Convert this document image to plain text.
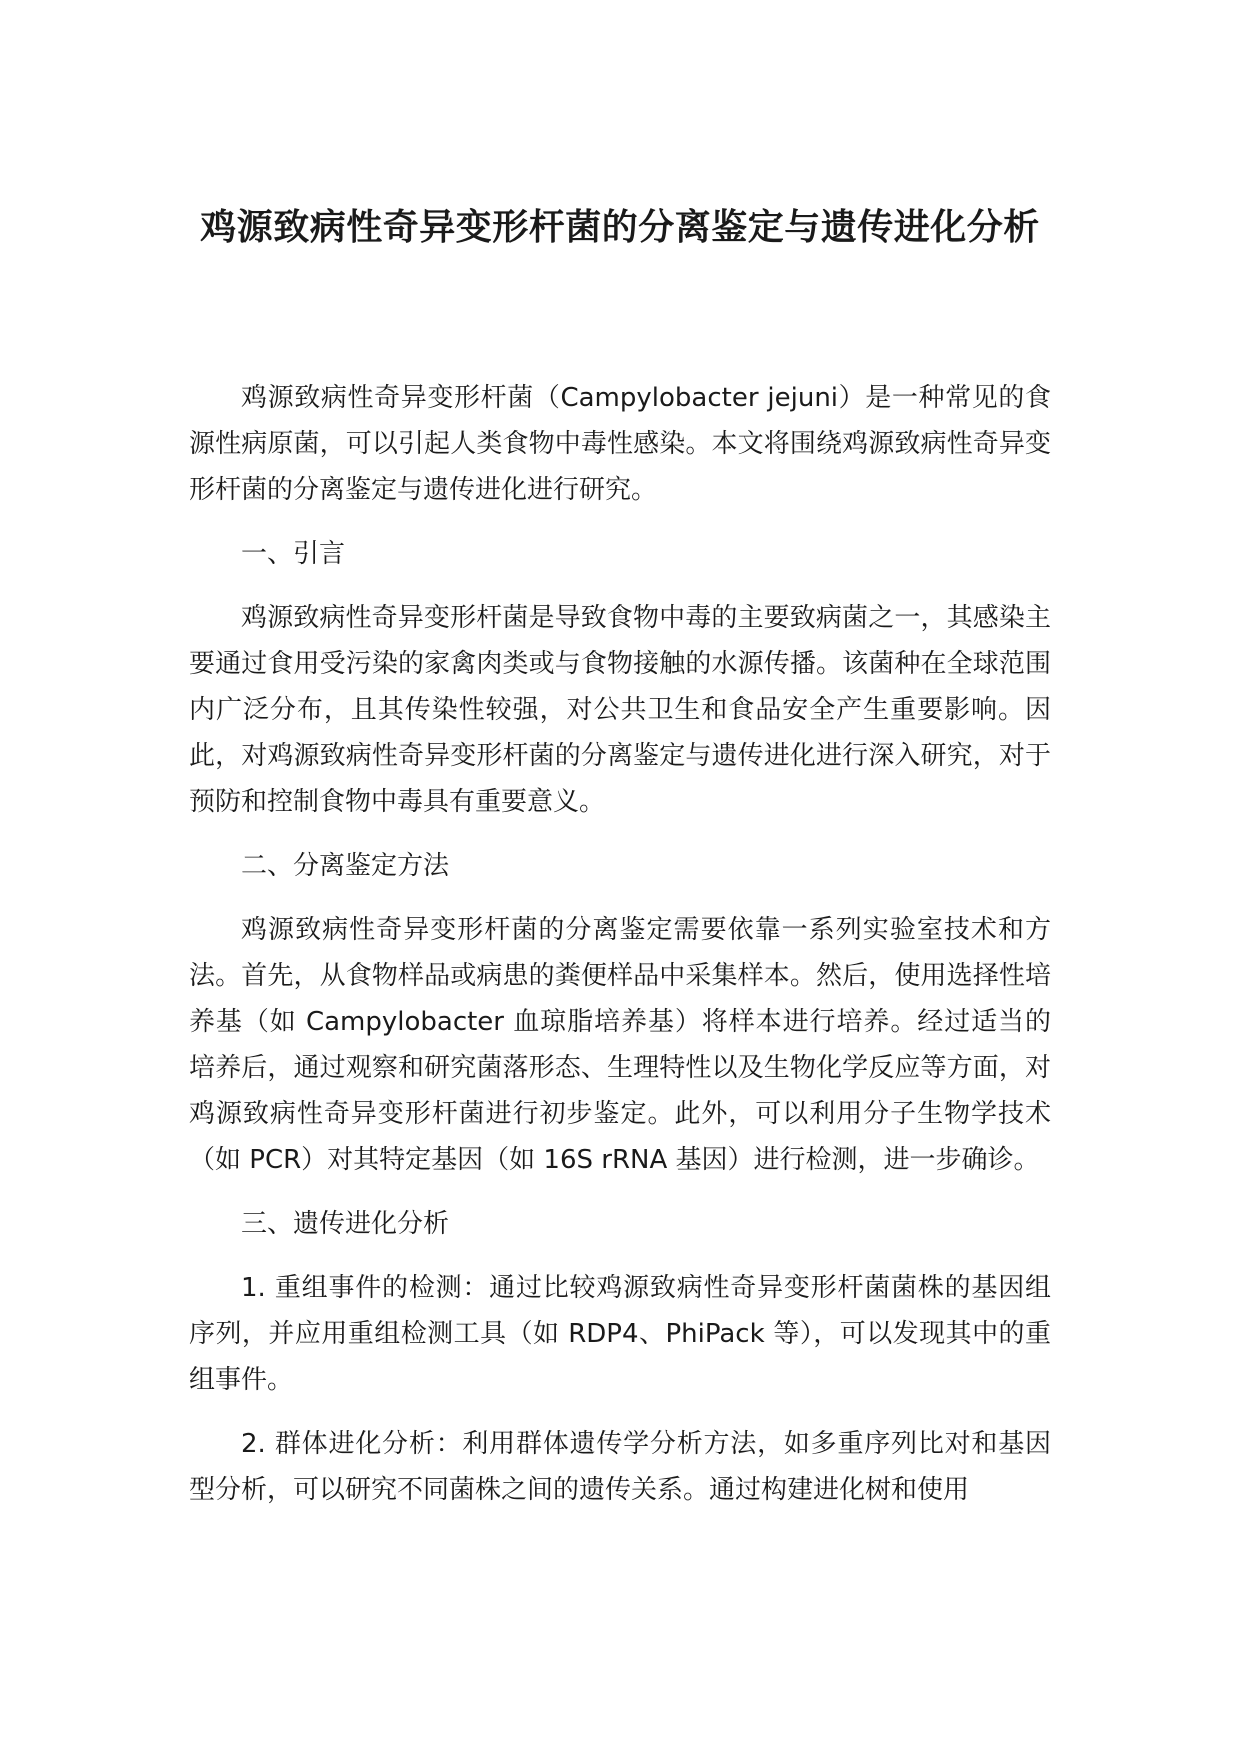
鸡源致病性奇异变形杆菌的分离鉴定与遗传进化分析

鸡源致病性奇异变形杆菌（Campylobacter jejuni）是一种常见的食源性病原菌，可以引起人类食物中毒性感染。本文将围绕鸡源致病性奇异变形杆菌的分离鉴定与遗传进化进行研究。

一、引言

鸡源致病性奇异变形杆菌是导致食物中毒的主要致病菌之一，其感染主要通过食用受污染的家禽肉类或与食物接触的水源传播。该菌种在全球范围内广泛分布，且其传染性较强，对公共卫生和食品安全产生重要影响。因此，对鸡源致病性奇异变形杆菌的分离鉴定与遗传进化进行深入研究，对于预防和控制食物中毒具有重要意义。

二、分离鉴定方法

鸡源致病性奇异变形杆菌的分离鉴定需要依靠一系列实验室技术和方法。首先，从食物样品或病患的粪便样品中采集样本。然后，使用选择性培养基（如 Campylobacter 血琼脂培养基）将样本进行培养。经过适当的培养后，通过观察和研究菌落形态、生理特性以及生物化学反应等方面，对鸡源致病性奇异变形杆菌进行初步鉴定。此外，可以利用分子生物学技术（如 PCR）对其特定基因（如 16S rRNA 基因）进行检测，进一步确诊。

三、遗传进化分析

1. 重组事件的检测：通过比较鸡源致病性奇异变形杆菌菌株的基因组序列，并应用重组检测工具（如 RDP4、PhiPack 等），可以发现其中的重组事件。

2. 群体进化分析：利用群体遗传学分析方法，如多重序列比对和基因型分析，可以研究不同菌株之间的遗传关系。通过构建进化树和使用
